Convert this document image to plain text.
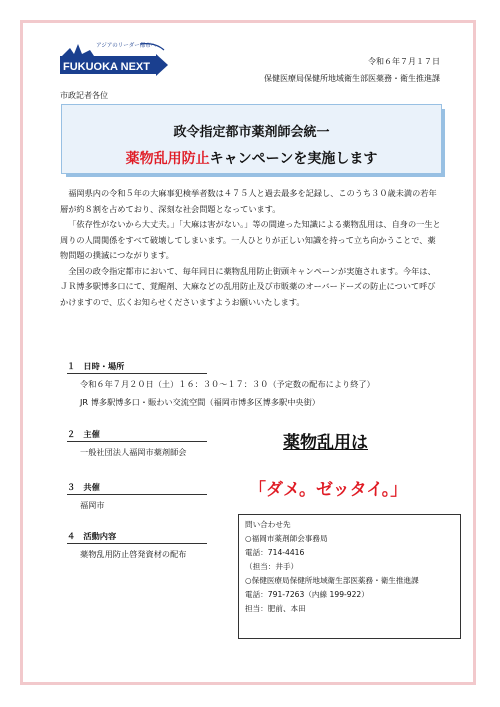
FUKUOKA NEXT
アジアのリーダー都市へ
令和６年７月１７日
保健医療局保健所地域衛生部医薬務・衛生推進課
市政記者各位
政令指定都市薬剤師会統一
薬物乱用防止キャンペーンを実施します

福岡県内の令和５年の大麻事犯検挙者数は４７５人と過去最多を記録し、このうち３０歳未満の若年層が約８割を占めており、深刻な社会問題となっています。

「依存性がないから大丈夫。」「大麻は害がない。」等の間違った知識による薬物乱用は、自身の一生と周りの人間関係をすべて破壊してしまいます。一人ひとりが正しい知識を持って立ち向かうことで、薬物問題の撲滅につながります。

全国の政令指定都市において、毎年同日に薬物乱用防止街頭キャンペーンが実施されます。今年は、ＪＲ博多駅博多口にて、覚醒剤、大麻などの乱用防止及び市販薬のオーバードーズの防止について呼びかけますので、広くお知らせくださいますようお願いいたします。

１　日時・場所
令和６年７月２０日（土）１６：３０～１７：３０（予定数の配布により終了）
JR 博多駅博多口・賑わい交流空間（福岡市博多区博多駅中央街）
２　主催
一般社団法人福岡市薬剤師会
３　共催
福岡市
４　活動内容
薬物乱用防止啓発資材の配布
薬物乱用は
「ダメ。ゼッタイ。」
問い合わせ先
○福岡市薬剤師会事務局
電話：714-4416
（担当：井手）
○保健医療局保健所地域衛生部医薬務・衛生推進課
電話：791-7263（内線 199-922）
担当：肥前、本田
